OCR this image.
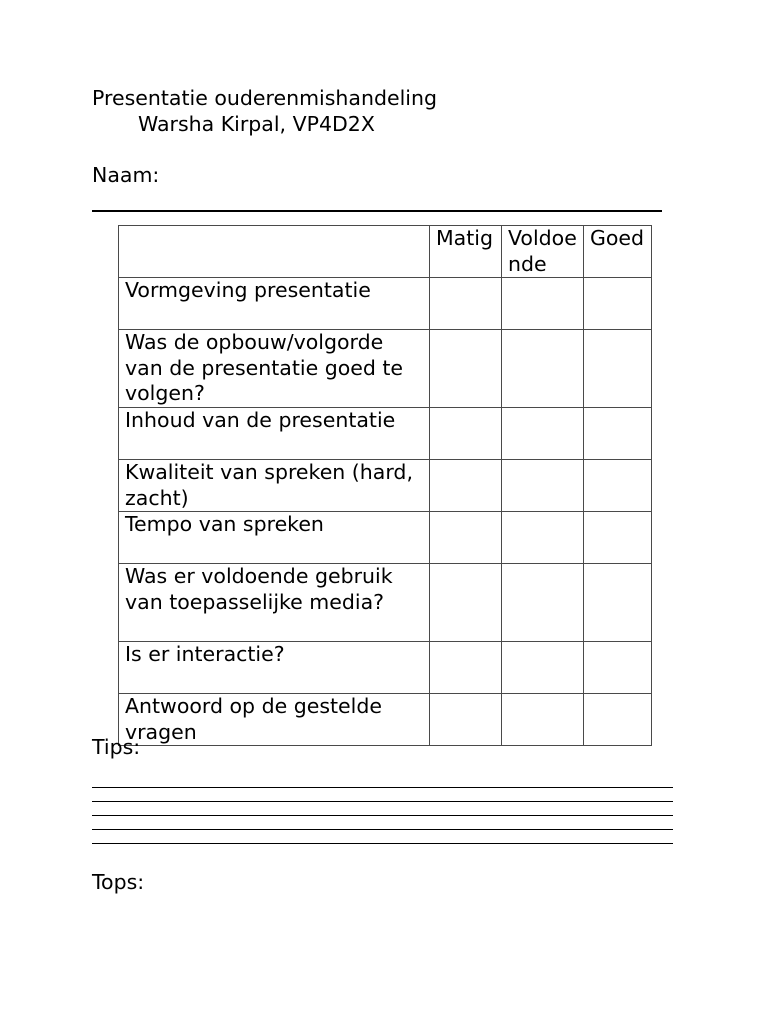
Presentatie ouderenmishandeling

Warsha Kirpal, VP4D2X

Naam:

	Matig	Voldoende	Goed
Vormgeving presentatie			
Was de opbouw/volgorde van de presentatie goed te volgen?			
Inhoud van de presentatie			
Kwaliteit van spreken (hard, zacht)			
Tempo van spreken			
Was er voldoende gebruik van toepasselijke media?			
Is er interactie?			
Antwoord op de gestelde vragen			

Tips:

Tops:
